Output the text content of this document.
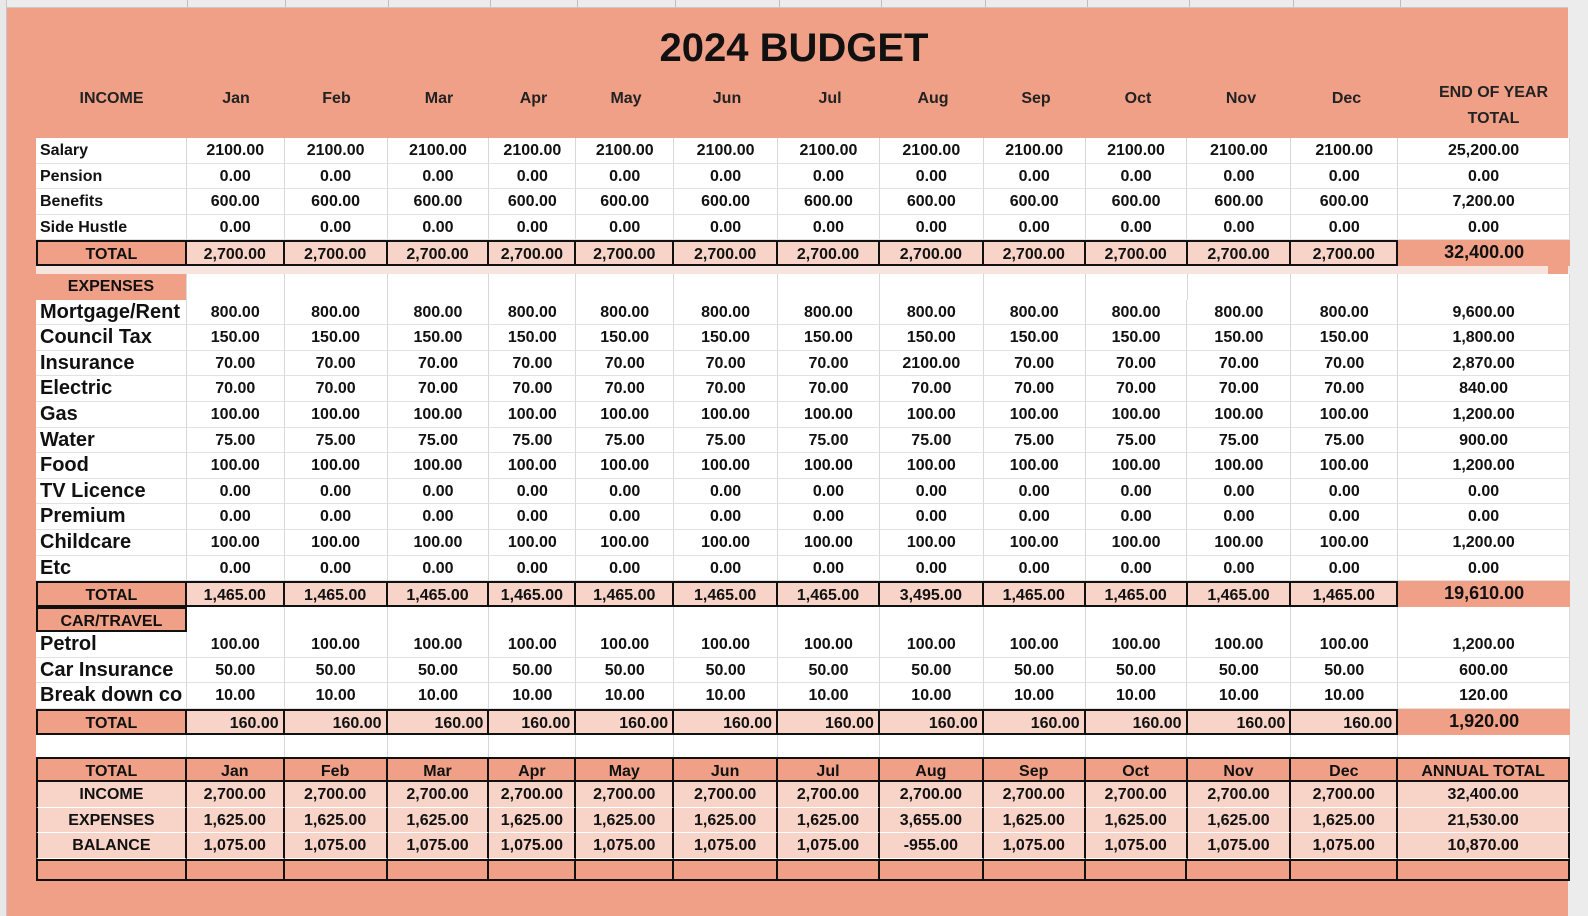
2024 BUDGET
INCOME	Jan	Feb	Mar	Apr	May	Jun	Jul	Aug	Sep	Oct	Nov	Dec	END OF YEAR
TOTAL
Salary	2100.00	2100.00	2100.00	2100.00	2100.00	2100.00	2100.00	2100.00	2100.00	2100.00	2100.00	2100.00	25,200.00
Pension	0.00	0.00	0.00	0.00	0.00	0.00	0.00	0.00	0.00	0.00	0.00	0.00	0.00
Benefits	600.00	600.00	600.00	600.00	600.00	600.00	600.00	600.00	600.00	600.00	600.00	600.00	7,200.00
Side Hustle	0.00	0.00	0.00	0.00	0.00	0.00	0.00	0.00	0.00	0.00	0.00	0.00	0.00
TOTAL	2,700.00	2,700.00	2,700.00	2,700.00	2,700.00	2,700.00	2,700.00	2,700.00	2,700.00	2,700.00	2,700.00	2,700.00	32,400.00
EXPENSES
Mortgage/Rent	800.00	800.00	800.00	800.00	800.00	800.00	800.00	800.00	800.00	800.00	800.00	800.00	9,600.00
Council Tax	150.00	150.00	150.00	150.00	150.00	150.00	150.00	150.00	150.00	150.00	150.00	150.00	1,800.00
Insurance	70.00	70.00	70.00	70.00	70.00	70.00	70.00	2100.00	70.00	70.00	70.00	70.00	2,870.00
Electric	70.00	70.00	70.00	70.00	70.00	70.00	70.00	70.00	70.00	70.00	70.00	70.00	840.00
Gas	100.00	100.00	100.00	100.00	100.00	100.00	100.00	100.00	100.00	100.00	100.00	100.00	1,200.00
Water	75.00	75.00	75.00	75.00	75.00	75.00	75.00	75.00	75.00	75.00	75.00	75.00	900.00
Food	100.00	100.00	100.00	100.00	100.00	100.00	100.00	100.00	100.00	100.00	100.00	100.00	1,200.00
TV Licence	0.00	0.00	0.00	0.00	0.00	0.00	0.00	0.00	0.00	0.00	0.00	0.00	0.00
Premium	0.00	0.00	0.00	0.00	0.00	0.00	0.00	0.00	0.00	0.00	0.00	0.00	0.00
Childcare	100.00	100.00	100.00	100.00	100.00	100.00	100.00	100.00	100.00	100.00	100.00	100.00	1,200.00
Etc	0.00	0.00	0.00	0.00	0.00	0.00	0.00	0.00	0.00	0.00	0.00	0.00	0.00
TOTAL	1,465.00	1,465.00	1,465.00	1,465.00	1,465.00	1,465.00	1,465.00	3,495.00	1,465.00	1,465.00	1,465.00	1,465.00	19,610.00
CAR/TRAVEL
Petrol	100.00	100.00	100.00	100.00	100.00	100.00	100.00	100.00	100.00	100.00	100.00	100.00	1,200.00
Car Insurance	50.00	50.00	50.00	50.00	50.00	50.00	50.00	50.00	50.00	50.00	50.00	50.00	600.00
Break down co	10.00	10.00	10.00	10.00	10.00	10.00	10.00	10.00	10.00	10.00	10.00	10.00	120.00
TOTAL	160.00	160.00	160.00	160.00	160.00	160.00	160.00	160.00	160.00	160.00	160.00	160.00	1,920.00
TOTAL	Jan	Feb	Mar	Apr	May	Jun	Jul	Aug	Sep	Oct	Nov	Dec	ANNUAL TOTAL
INCOME	2,700.00	2,700.00	2,700.00	2,700.00	2,700.00	2,700.00	2,700.00	2,700.00	2,700.00	2,700.00	2,700.00	2,700.00	32,400.00
EXPENSES	1,625.00	1,625.00	1,625.00	1,625.00	1,625.00	1,625.00	1,625.00	3,655.00	1,625.00	1,625.00	1,625.00	1,625.00	21,530.00
BALANCE	1,075.00	1,075.00	1,075.00	1,075.00	1,075.00	1,075.00	1,075.00	-955.00	1,075.00	1,075.00	1,075.00	1,075.00	10,870.00
